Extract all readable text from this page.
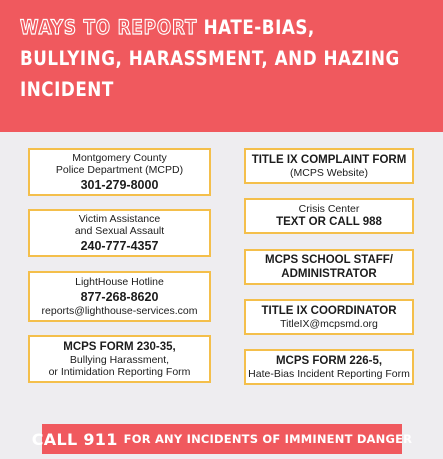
WAYS TO REPORT HATE-BIAS,
BULLYING, HARASSMENT, AND HAZING
INCIDENT
Montgomery County
Police Department (MCPD)
301-279-8000
Victim Assistance
and Sexual Assault
240-777-4357
LightHouse Hotline
877-268-8620
reports@lighthouse-services.com
MCPS FORM 230-35,
Bullying Harassment,
or Intimidation Reporting Form
TITLE IX COMPLAINT FORM
(MCPS Website)
Crisis Center
TEXT OR CALL 988
MCPS SCHOOL STAFF/
ADMINISTRATOR
TITLE IX COORDINATOR
TitleIX@mcpsmd.org
MCPS FORM 226-5,
Hate-Bias Incident Reporting Form
CALL 911 FOR ANY INCIDENTS OF IMMINENT DANGER
